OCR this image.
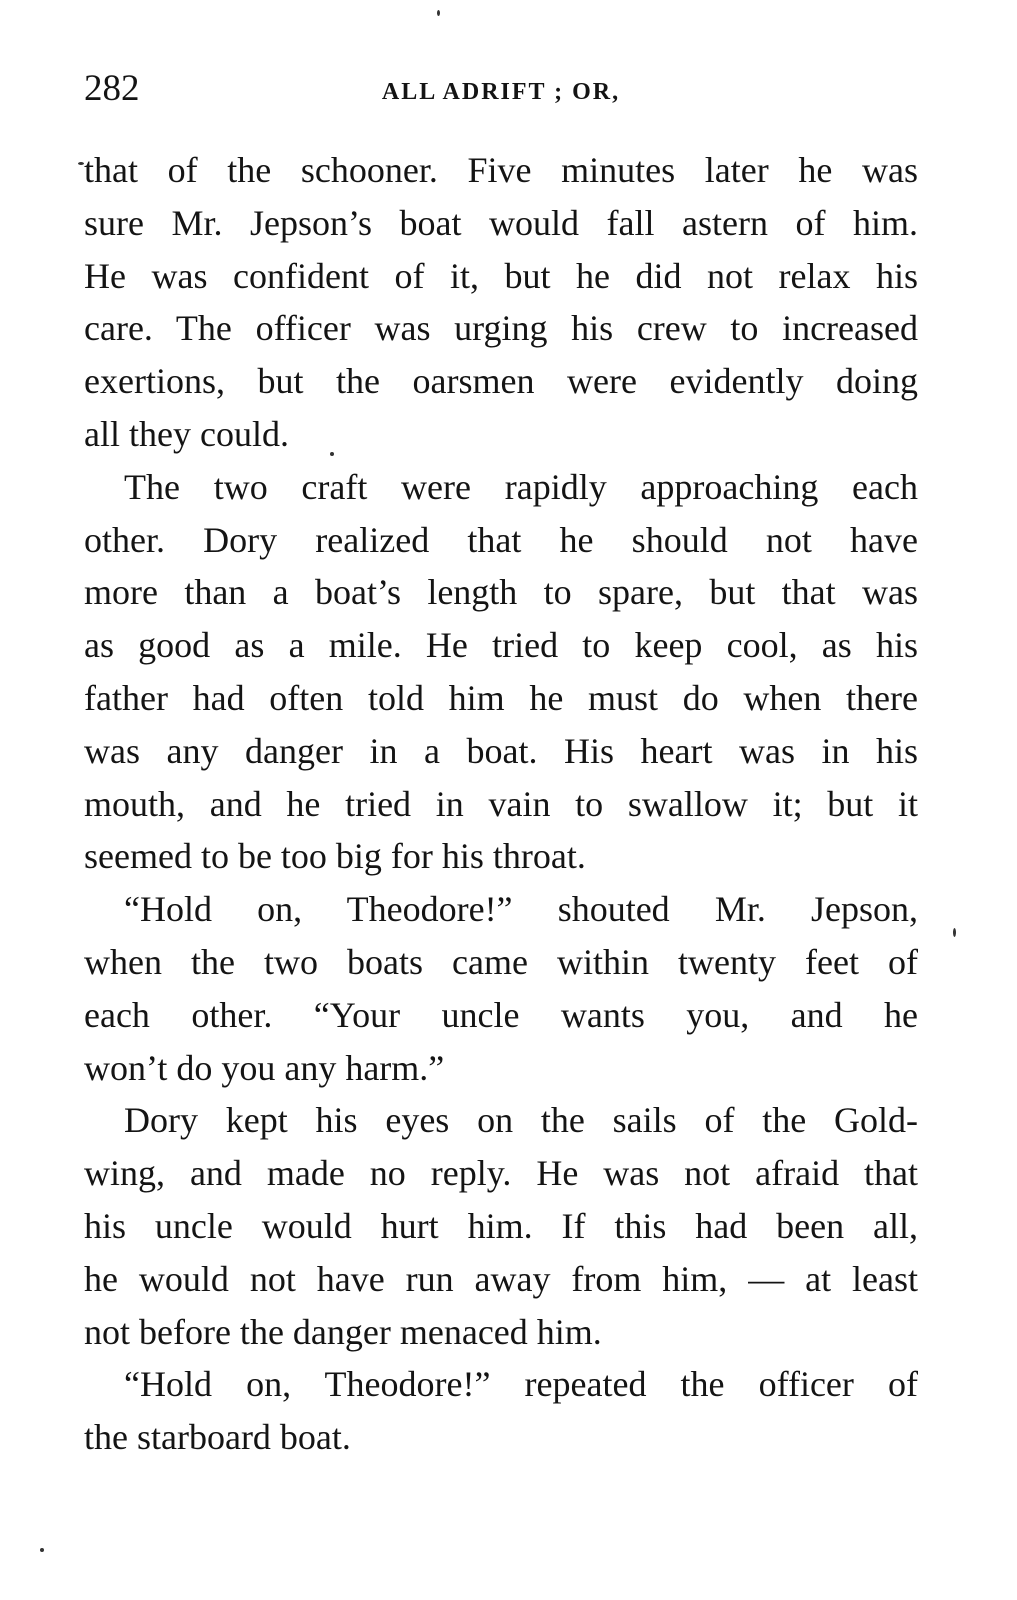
282	ALL ADRIFT ; OR,
that of the schooner. Five minutes later he was
sure Mr. Jepson’s boat would fall astern of him.
He was confident of it, but he did not relax his
care. The officer was urging his crew to increased
exertions, but the oarsmen were evidently doing
all they could.
The two craft were rapidly approaching each
other. Dory realized that he should not have
more than a boat’s length to spare, but that was
as good as a mile. He tried to keep cool, as his
father had often told him he must do when there
was any danger in a boat. His heart was in his
mouth, and he tried in vain to swallow it; but it
seemed to be too big for his throat.
“Hold on, Theodore!” shouted Mr. Jepson,
when the two boats came within twenty feet of
each other. “Your uncle wants you, and he
won’t do you any harm.”
Dory kept his eyes on the sails of the Gold-
wing, and made no reply. He was not afraid that
his uncle would hurt him. If this had been all,
he would not have run away from him, — at least
not before the danger menaced him.
“Hold on, Theodore!” repeated the officer of
the starboard boat.
